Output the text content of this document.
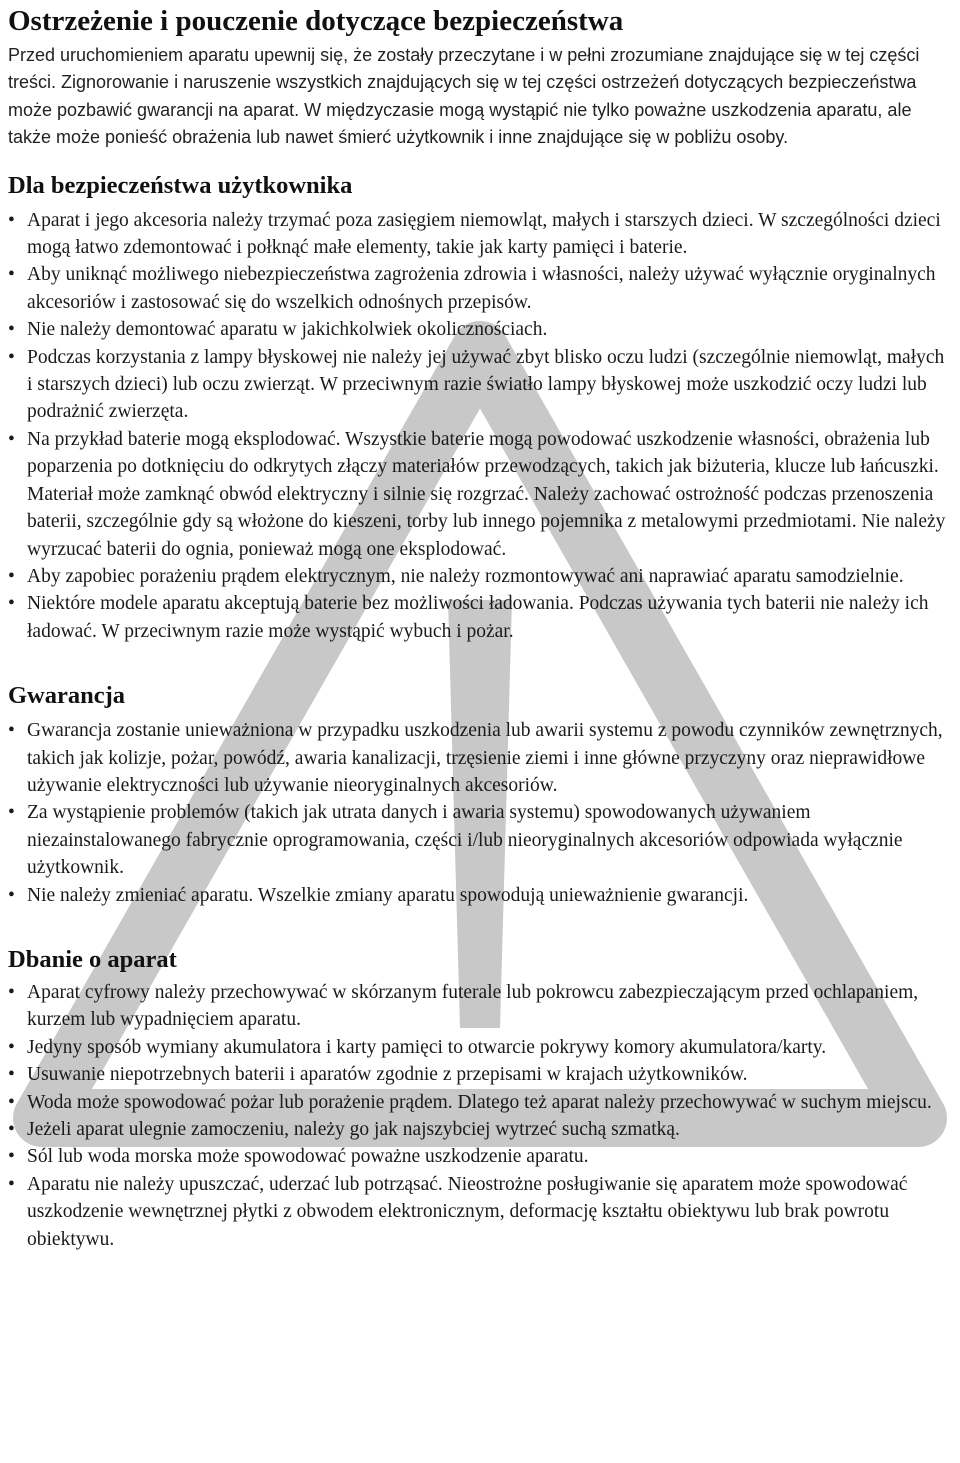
Ostrzeżenie i pouczenie dotyczące bezpieczeństwa

Przed uruchomieniem aparatu upewnij się, że zostały przeczytane i w pełni zrozumiane znajdujące się w tej części treści. Zignorowanie i naruszenie wszystkich znajdujących się w tej części ostrzeżeń dotyczących bezpieczeństwa może pozbawić gwarancji na aparat. W międzyczasie mogą wystąpić nie tylko poważne uszkodzenia aparatu, ale także może ponieść obrażenia lub nawet śmierć użytkownik i inne znajdujące się w pobliżu osoby.

Dla bezpieczeństwa użytkownika
• Aparat i jego akcesoria należy trzymać poza zasięgiem niemowląt, małych i starszych dzieci. W szczególności dzieci mogą łatwo zdemontować i połknąć małe elementy, takie jak karty pamięci i baterie.
• Aby uniknąć możliwego niebezpieczeństwa zagrożenia zdrowia i własności, należy używać wyłącznie oryginalnych akcesoriów i zastosować się do wszelkich odnośnych przepisów.
• Nie należy demontować aparatu w jakichkolwiek okolicznościach.
• Podczas korzystania z lampy błyskowej nie należy jej używać zbyt blisko oczu ludzi (szczególnie niemowląt, małych i starszych dzieci) lub oczu zwierząt. W przeciwnym razie światło lampy błyskowej może uszkodzić oczy ludzi lub podrażnić zwierzęta.
• Na przykład baterie mogą eksplodować. Wszystkie baterie mogą powodować uszkodzenie własności, obrażenia lub poparzenia po dotknięciu do odkrytych złączy materiałów przewodzących, takich jak biżuteria, klucze lub łańcuszki. Materiał może zamknąć obwód elektryczny i silnie się rozgrzać. Należy zachować ostrożność podczas przenoszenia baterii, szczególnie gdy są włożone do kieszeni, torby lub innego pojemnika z metalowymi przedmiotami. Nie należy wyrzucać baterii do ognia, ponieważ mogą one eksplodować.
• Aby zapobiec porażeniu prądem elektrycznym, nie należy rozmontowywać ani naprawiać aparatu samodzielnie.
• Niektóre modele aparatu akceptują baterie bez możliwości ładowania. Podczas używania tych baterii nie należy ich ładować. W przeciwnym razie może wystąpić wybuch i pożar.
Gwarancja
• Gwarancja zostanie unieważniona w przypadku uszkodzenia lub awarii systemu z powodu czynników zewnętrznych, takich jak kolizje, pożar, powódź, awaria kanalizacji, trzęsienie ziemi i inne główne przyczyny oraz nieprawidłowe używanie elektryczności lub używanie nieoryginalnych akcesoriów.
• Za wystąpienie problemów (takich jak utrata danych i awaria systemu) spowodowanych używaniem niezainstalowanego fabrycznie oprogramowania, części i/lub nieoryginalnych akcesoriów odpowiada wyłącznie użytkownik.
• Nie należy zmieniać aparatu. Wszelkie zmiany aparatu spowodują unieważnienie gwarancji.
Dbanie o aparat
• Aparat cyfrowy należy przechowywać w skórzanym futerale lub pokrowcu zabezpieczającym przed ochlapaniem, kurzem lub wypadnięciem aparatu.
• Jedyny sposób wymiany akumulatora i karty pamięci to otwarcie pokrywy komory akumulatora/karty.
• Usuwanie niepotrzebnych baterii i aparatów zgodnie z przepisami w krajach użytkowników.
• Woda może spowodować pożar lub porażenie prądem. Dlatego też aparat należy przechowywać w suchym miejscu.
• Jeżeli aparat ulegnie zamoczeniu, należy go jak najszybciej wytrzeć suchą szmatką.
• Sól lub woda morska może spowodować poważne uszkodzenie aparatu.
• Aparatu nie należy upuszczać, uderzać lub potrząsać. Nieostrożne posługiwanie się aparatem może spowodować uszkodzenie wewnętrznej płytki z obwodem elektronicznym, deformację kształtu obiektywu lub brak powrotu obiektywu.
